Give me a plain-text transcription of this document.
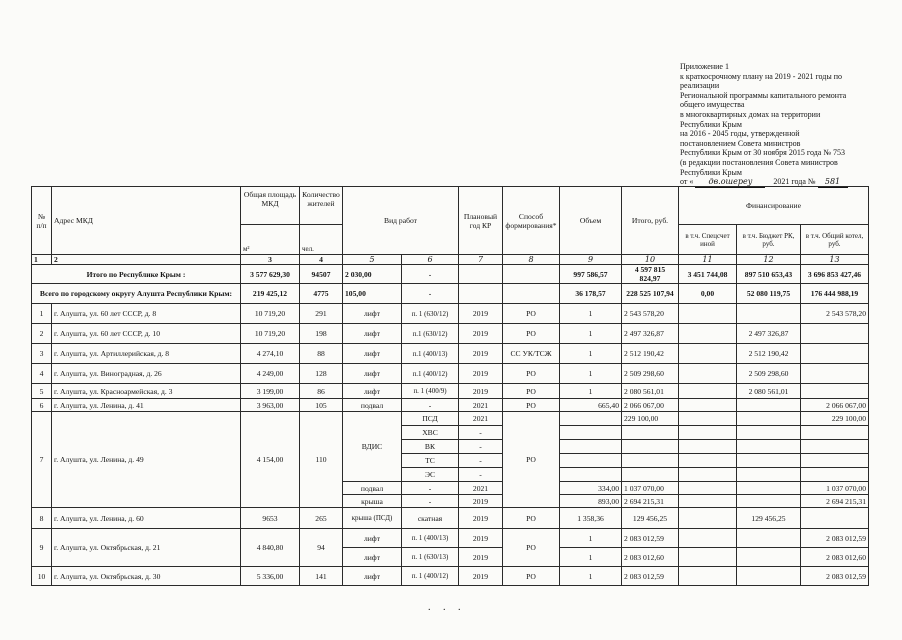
Приложение 1
к краткосрочному плану на 2019 - 2021 годы по
реализации
Региональной программы капитального ремонта
общего имущества
в многоквартирных домах на территории
Республики Крым
на 2016 - 2045 годы, утвержденной
постановлением Совета министров
Республики Крым от 30 ноября 2015 года № 753
(в редакции постановления Совета министров
Республики Крым
от « дв.ошереу	2021 года № 581
№ п/п	Адрес МКД	Общая площадь МКД	Количество жителей	Вид работ		Плановый год КР	Способ формирования*	Объем	Итого, руб.	Финансирование		
		м²	чел.							в т.ч. Спецсчет иной	в т.ч. Бюджет РК, руб.	в т.ч. Общий котел, руб.
1	2	3	4	5	6	7	8	9	10	11	12	13
Итого по Республике Крым :		3 577 629,30	94507	2 030,00	-			997 586,57	4 597 815 824,97	3 451 744,08	897 510 653,43	3 696 853 427,46
Всего по городскому округу Алушта Республики Крым:		219 425,12	4775	105,00	-			36 178,57	228 525 107,94	0,00	52 080 119,75	176 444 988,19
1	г. Алушта, ул. 60 лет СССР, д. 8	10 719,20	291	лифт	п. 1 (630/12)	2019	РО	1	2 543 578,20			2 543 578,20
2	г. Алушта, ул. 60 лет СССР, д. 10	10 719,20	198	лифт	п.1 (630/12)	2019	РО	1	2 497 326,87		2 497 326,87	
3	г. Алушта, ул. Артиллерийская, д. 8	4 274,10	88	лифт	п.1 (400/13)	2019	СС УК/ТСЖ	1	2 512 190,42		2 512 190,42	
4	г. Алушта, ул. Виноградная, д. 26	4 249,00	128	лифт	п.1 (400/12)	2019	РО	1	2 509 298,60		2 509 298,60	
5	г. Алушта, ул. Красноармейская, д. 3	3 199,00	86	лифт	п. 1 (400/9)	2019	РО	1	2 080 561,01		2 080 561,01	
6	г. Алушта, ул. Ленина, д. 41	3 963,00	105	подвал	-	2021	РО	665,40	2 066 067,00			2 066 067,00
7	г. Алушта, ул. Ленина, д. 49	4 154,00	110	ВДИС	ПСД	2021	РО		229 100,00			229 100,00
					ХВС	-						
					ВК	-						
					ТС	-						
					ЭС	-						
				подвал	-	2021		334,00	1 037 070,00			1 037 070,00
				крыша	-	2019		893,00	2 694 215,31			2 694 215,31
8	г. Алушта, ул. Ленина, д. 60	9653	265	крыша (ПСД)	скатная	2019	РО	1 358,36	129 456,25		129 456,25	
9	г. Алушта, ул. Октябрьская, д. 21	4 840,80	94	лифт	п. 1 (400/13)	2019	РО	1	2 083 012,59			2 083 012,59
				лифт	п. 1 (630/13)	2019		1	2 083 012,60			2 083 012,60
10	г. Алушта, ул. Октябрьская, д. 30	5 336,00	141	лифт	п. 1 (400/12)	2019	РО	1	2 083 012,59			2 083 012,59
. . .
